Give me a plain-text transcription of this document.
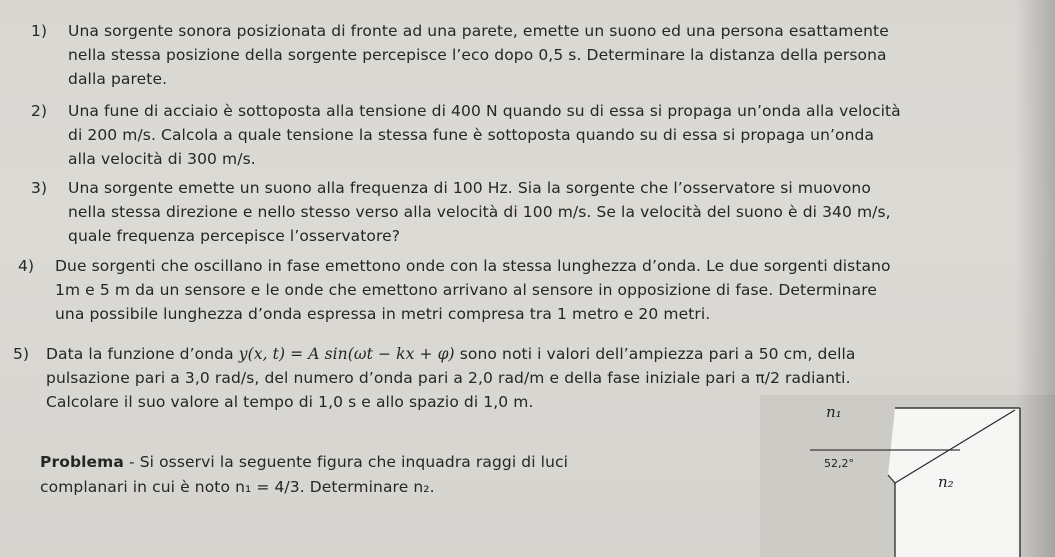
1) Una sorgente sonora posizionata di fronte ad una parete, emette un suono ed una persona esattamente
nella stessa posizione della sorgente percepisce l’eco dopo 0,5 s. Determinare la distanza della persona
dalla parete.
2) Una fune di acciaio è sottoposta alla tensione di 400 N quando su di essa si propaga un’onda alla velocità
di 200 m/s. Calcola a quale tensione la stessa fune è sottoposta quando su di essa si propaga un’onda
alla velocità di 300 m/s.
3) Una sorgente emette un suono alla frequenza di 100 Hz. Sia la sorgente che l’osservatore si muovono
nella stessa direzione e nello stesso verso alla velocità di 100 m/s. Se la velocità del suono è di 340 m/s,
quale frequenza percepisce l’osservatore?
4) Due sorgenti che oscillano in fase emettono onde con la stessa lunghezza d’onda. Le due sorgenti distano
1m e 5 m da un sensore e le onde che emettono arrivano al sensore in opposizione di fase. Determinare
una possibile lunghezza d’onda espressa in metri compresa tra 1 metro e 20 metri.
5) Data la funzione d’onda y(x, t) = A sin(ωt − kx + φ) sono noti i valori dell’ampiezza pari a 50 cm, della
pulsazione pari a 3,0 rad/s, del numero d’onda pari a 2,0 rad/m e della fase iniziale pari a π/2 radianti.
Calcolare il suo valore al tempo di 1,0 s e allo spazio di 1,0 m.
Problema - Si osservi la seguente figura che inquadra raggi di luci
complanari in cui è noto n₁ = 4/3. Determinare n₂.
n₁
52,2°
n₂
